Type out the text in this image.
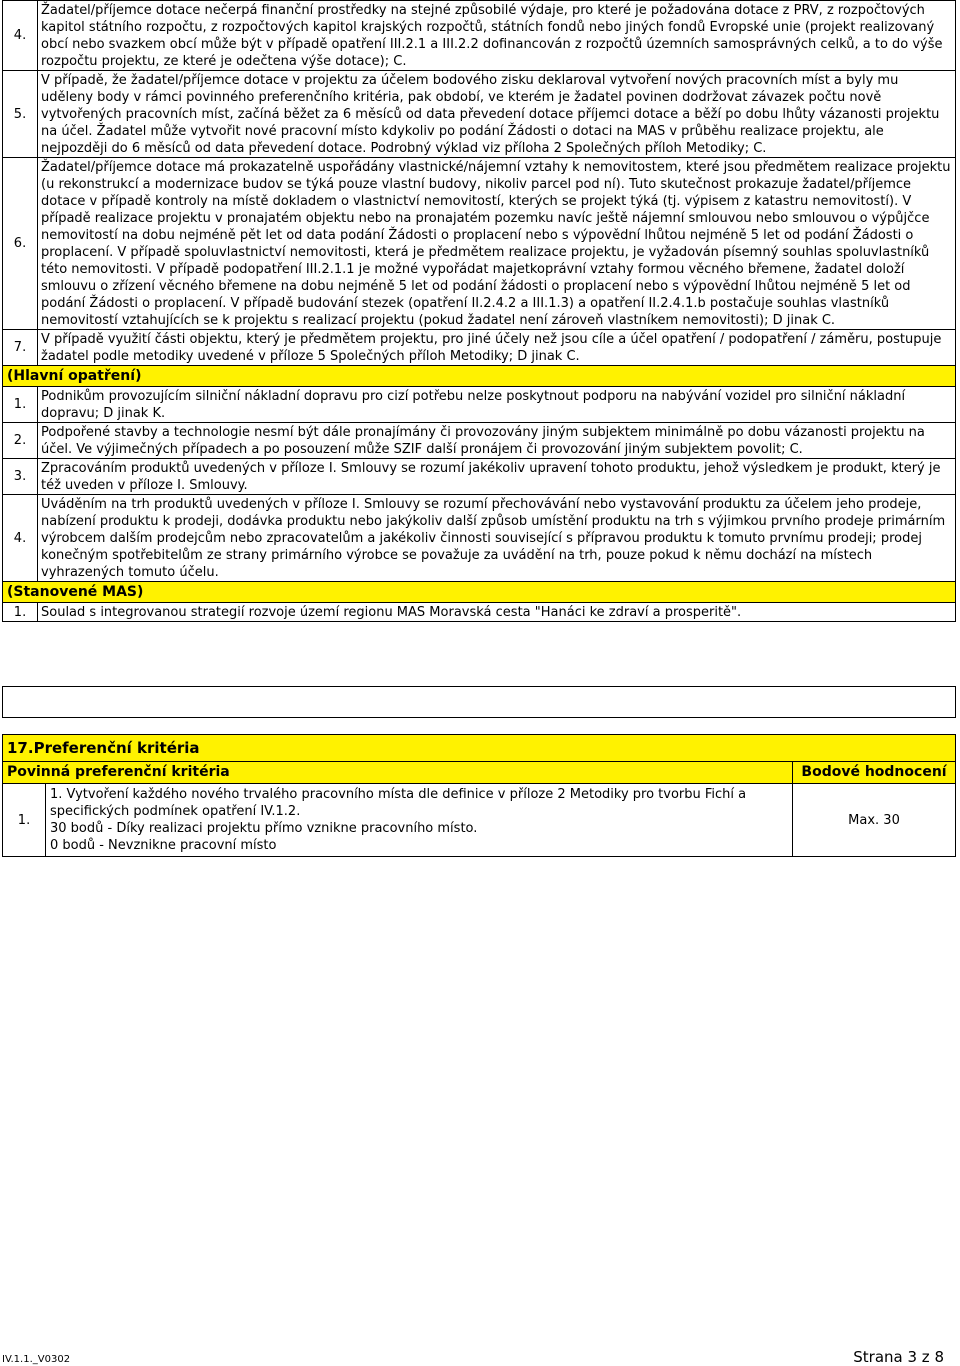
4.	Žadatel/příjemce dotace nečerpá finanční prostředky na stejné způsobilé výdaje, pro které je požadována dotace z PRV, z rozpočtových kapitol státního rozpočtu, z rozpočtových kapitol krajských rozpočtů, státních fondů nebo jiných fondů Evropské unie (projekt realizovaný obcí nebo svazkem obcí může být v případě opatření III.2.1 a III.2.2 dofinancován z rozpočtů územních samosprávných celků, a to do výše rozpočtu projektu, ze které je odečtena výše dotace); C.
5.	V případě, že žadatel/příjemce dotace v projektu za účelem bodového zisku deklaroval vytvoření nových pracovních míst a byly mu uděleny body v rámci povinného preferenčního kritéria, pak období, ve kterém je žadatel povinen dodržovat závazek počtu nově vytvořených pracovních míst, začíná běžet za 6 měsíců od data převedení dotace příjemci dotace a běží po dobu lhůty vázanosti projektu na účel. Žadatel může vytvořit nové pracovní místo kdykoliv po podání Žádosti o dotaci na MAS v průběhu realizace projektu, ale nejpozději do 6 měsíců od data převedení dotace. Podrobný výklad viz příloha 2 Společných příloh Metodiky; C.
6.	Žadatel/příjemce dotace má prokazatelně uspořádány vlastnické/nájemní vztahy k nemovitostem, které jsou předmětem realizace projektu (u rekonstrukcí a modernizace budov se týká pouze vlastní budovy, nikoliv parcel pod ní). Tuto skutečnost prokazuje žadatel/příjemce dotace v případě kontroly na místě dokladem o vlastnictví nemovitostí, kterých se projekt týká (tj. výpisem z katastru nemovitostí). V případě realizace projektu v pronajatém objektu nebo na pronajatém pozemku navíc ještě nájemní smlouvou nebo smlouvou o výpůjčce nemovitostí na dobu nejméně pět let od data podání Žádosti o proplacení nebo s výpovědní lhůtou nejméně 5 let od podání Žádosti o proplacení. V případě spoluvlastnictví nemovitosti, která je předmětem realizace projektu, je vyžadován písemný souhlas spoluvlastníků této nemovitosti. V případě podopatření III.2.1.1 je možné vypořádat majetkoprávní vztahy formou věcného břemene, žadatel doloží smlouvu o zřízení věcného břemene na dobu nejméně 5 let od podání žádosti o proplacení nebo s výpovědní lhůtou nejméně 5 let od podání Žádosti o proplacení. V případě budování stezek (opatření II.2.4.2 a III.1.3) a opatření II.2.4.1.b postačuje souhlas vlastníků nemovitostí vztahujících se k projektu s realizací projektu (pokud žadatel není zároveň vlastníkem nemovitosti); D jinak C.
7.	V případě využití části objektu, který je předmětem projektu, pro jiné účely než jsou cíle a účel opatření / podopatření / záměru, postupuje žadatel podle metodiky uvedené v příloze 5 Společných příloh Metodiky; D jinak C.
(Hlavní opatření)	
1.	Podnikům provozujícím silniční nákladní dopravu pro cizí potřebu nelze poskytnout podporu na nabývání vozidel pro silniční nákladní dopravu; D jinak K.
2.	Podpořené stavby a technologie nesmí být dále pronajímány či provozovány jiným subjektem minimálně po dobu vázanosti projektu na účel. Ve výjimečných případech a po posouzení může SZIF další pronájem či provozování jiným subjektem povolit; C.
3.	Zpracováním produktů uvedených v příloze I. Smlouvy se rozumí jakékoliv upravení tohoto produktu, jehož výsledkem je produkt, který je též uveden v příloze I. Smlouvy.
4.	Uváděním na trh produktů uvedených v příloze I. Smlouvy se rozumí přechovávání nebo vystavování produktu za účelem jeho prodeje, nabízení produktu k prodeji, dodávka produktu nebo jakýkoliv další způsob umístění produktu na trh s výjimkou prvního prodeje primárním výrobcem dalším prodejcům nebo zpracovatelům a jakékoliv činnosti související s přípravou produktu k tomuto prvnímu prodeji; prodej konečným spotřebitelům ze strany primárního výrobce se považuje za uvádění na trh, pouze pokud k němu dochází na místech vyhrazených tomuto účelu.
(Stanovené MAS)	
1.	Soulad s integrovanou strategií rozvoje území regionu MAS Moravská cesta "Hanáci ke zdraví a prosperitě".
17.Preferenční kritéria		
Povinná preferenční kritéria		Bodové hodnocení
1.	1. Vytvoření každého nového trvalého pracovního místa dle definice v příloze 2 Metodiky pro tvorbu Fichí a specifických podmínek opatření IV.1.2.
30 bodů - Díky realizaci projektu přímo vznikne pracovního místo.
0 bodů - Nevznikne pracovní místo	Max. 30
IV.1.1._V0302	Strana 3 z 8
